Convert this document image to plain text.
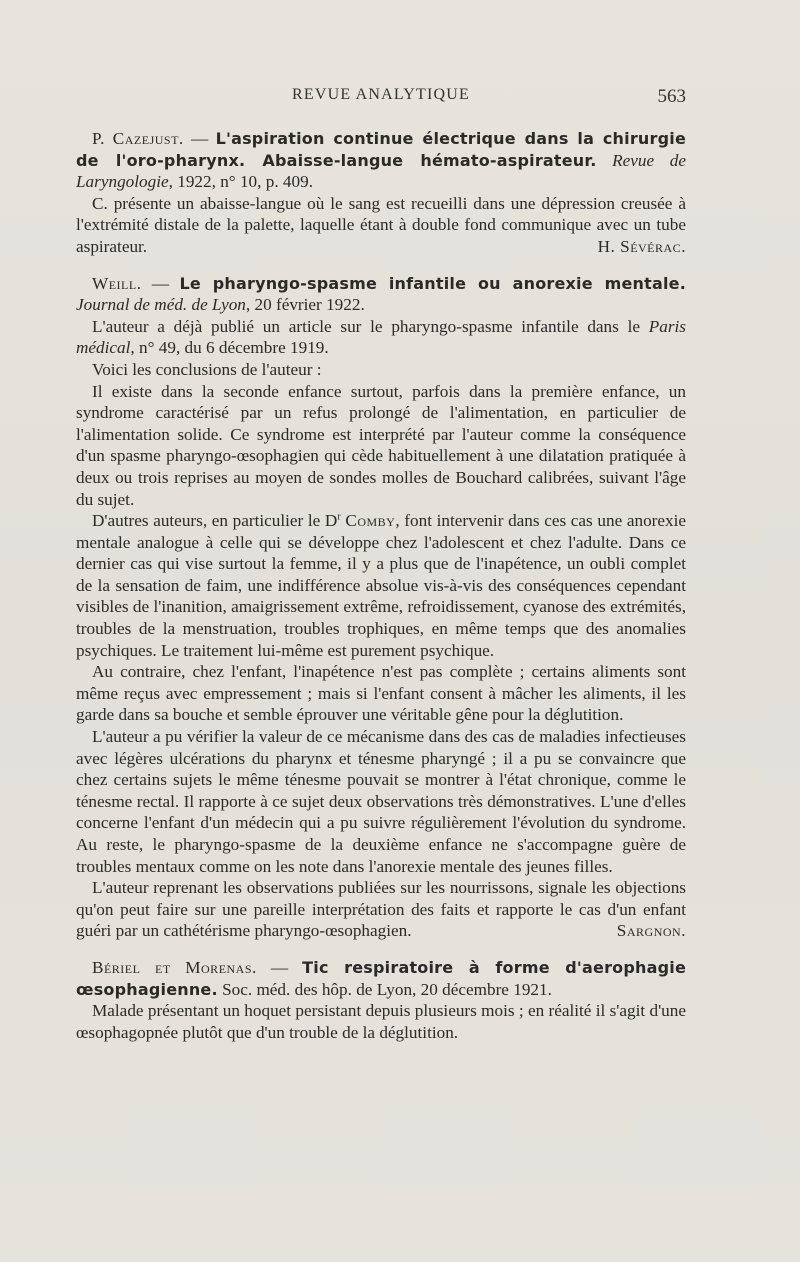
REVUE ANALYTIQUE	563

P. Cazejust. — L'aspiration continue électrique dans la chirurgie de l'oro-pharynx. Abaisse-langue hémato-aspirateur. Revue de Laryngologie, 1922, n° 10, p. 409.

C. présente un abaisse-langue où le sang est recueilli dans une dépression creusée à l'extrémité distale de la palette, laquelle étant à double fond communique avec un tube aspirateur.	H. Sévérac.

Weill. — Le pharyngo-spasme infantile ou anorexie mentale. Journal de méd. de Lyon, 20 février 1922.

L'auteur a déjà publié un article sur le pharyngo-spasme infantile dans le Paris médical, n° 49, du 6 décembre 1919.

Voici les conclusions de l'auteur :

Il existe dans la seconde enfance surtout, parfois dans la première enfance, un syndrome caractérisé par un refus prolongé de l'alimentation, en particulier de l'alimentation solide. Ce syndrome est interprété par l'auteur comme la conséquence d'un spasme pharyngo-œsophagien qui cède habituellement à une dilatation pratiquée à deux ou trois reprises au moyen de sondes molles de Bouchard calibrées, suivant l'âge du sujet.

D'autres auteurs, en particulier le $D^r$ Comby, font intervenir dans ces cas une anorexie mentale analogue à celle qui se développe chez l'adolescent et chez l'adulte. Dans ce dernier cas qui vise surtout la femme, il y a plus que de l'inapétence, un oubli complet de la sensation de faim, une indifférence absolue vis-à-vis des conséquences cependant visibles de l'inanition, amaigrissement extrême, refroidissement, cyanose des extrémités, troubles de la menstruation, troubles trophiques, en même temps que des anomalies psychiques. Le traitement lui-même est purement psychique.

Au contraire, chez l'enfant, l'inapétence n'est pas complète ; certains aliments sont même reçus avec empressement ; mais si l'enfant consent à mâcher les aliments, il les garde dans sa bouche et semble éprouver une véritable gêne pour la déglutition.

L'auteur a pu vérifier la valeur de ce mécanisme dans des cas de maladies infectieuses avec légères ulcérations du pharynx et ténesme pharyngé ; il a pu se convaincre que chez certains sujets le même ténesme pouvait se montrer à l'état chronique, comme le ténesme rectal. Il rapporte à ce sujet deux observations très démonstratives. L'une d'elles concerne l'enfant d'un médecin qui a pu suivre régulièrement l'évolution du syndrome. Au reste, le pharyngo-spasme de la deuxième enfance ne s'accompagne guère de troubles mentaux comme on les note dans l'anorexie mentale des jeunes filles.

L'auteur reprenant les observations publiées sur les nourrissons, signale les objections qu'on peut faire sur une pareille interprétation des faits et rapporte le cas d'un enfant guéri par un cathétérisme pharyngo-œsophagien.	Sargnon.

Bériel et Morenas. — Tic respiratoire à forme d'aerophagie œsophagienne. Soc. méd. des hôp. de Lyon, 20 décembre 1921.

Malade présentant un hoquet persistant depuis plusieurs mois ; en réalité il s'agit d'une œsophagopnée plutôt que d'un trouble de la déglutition.
